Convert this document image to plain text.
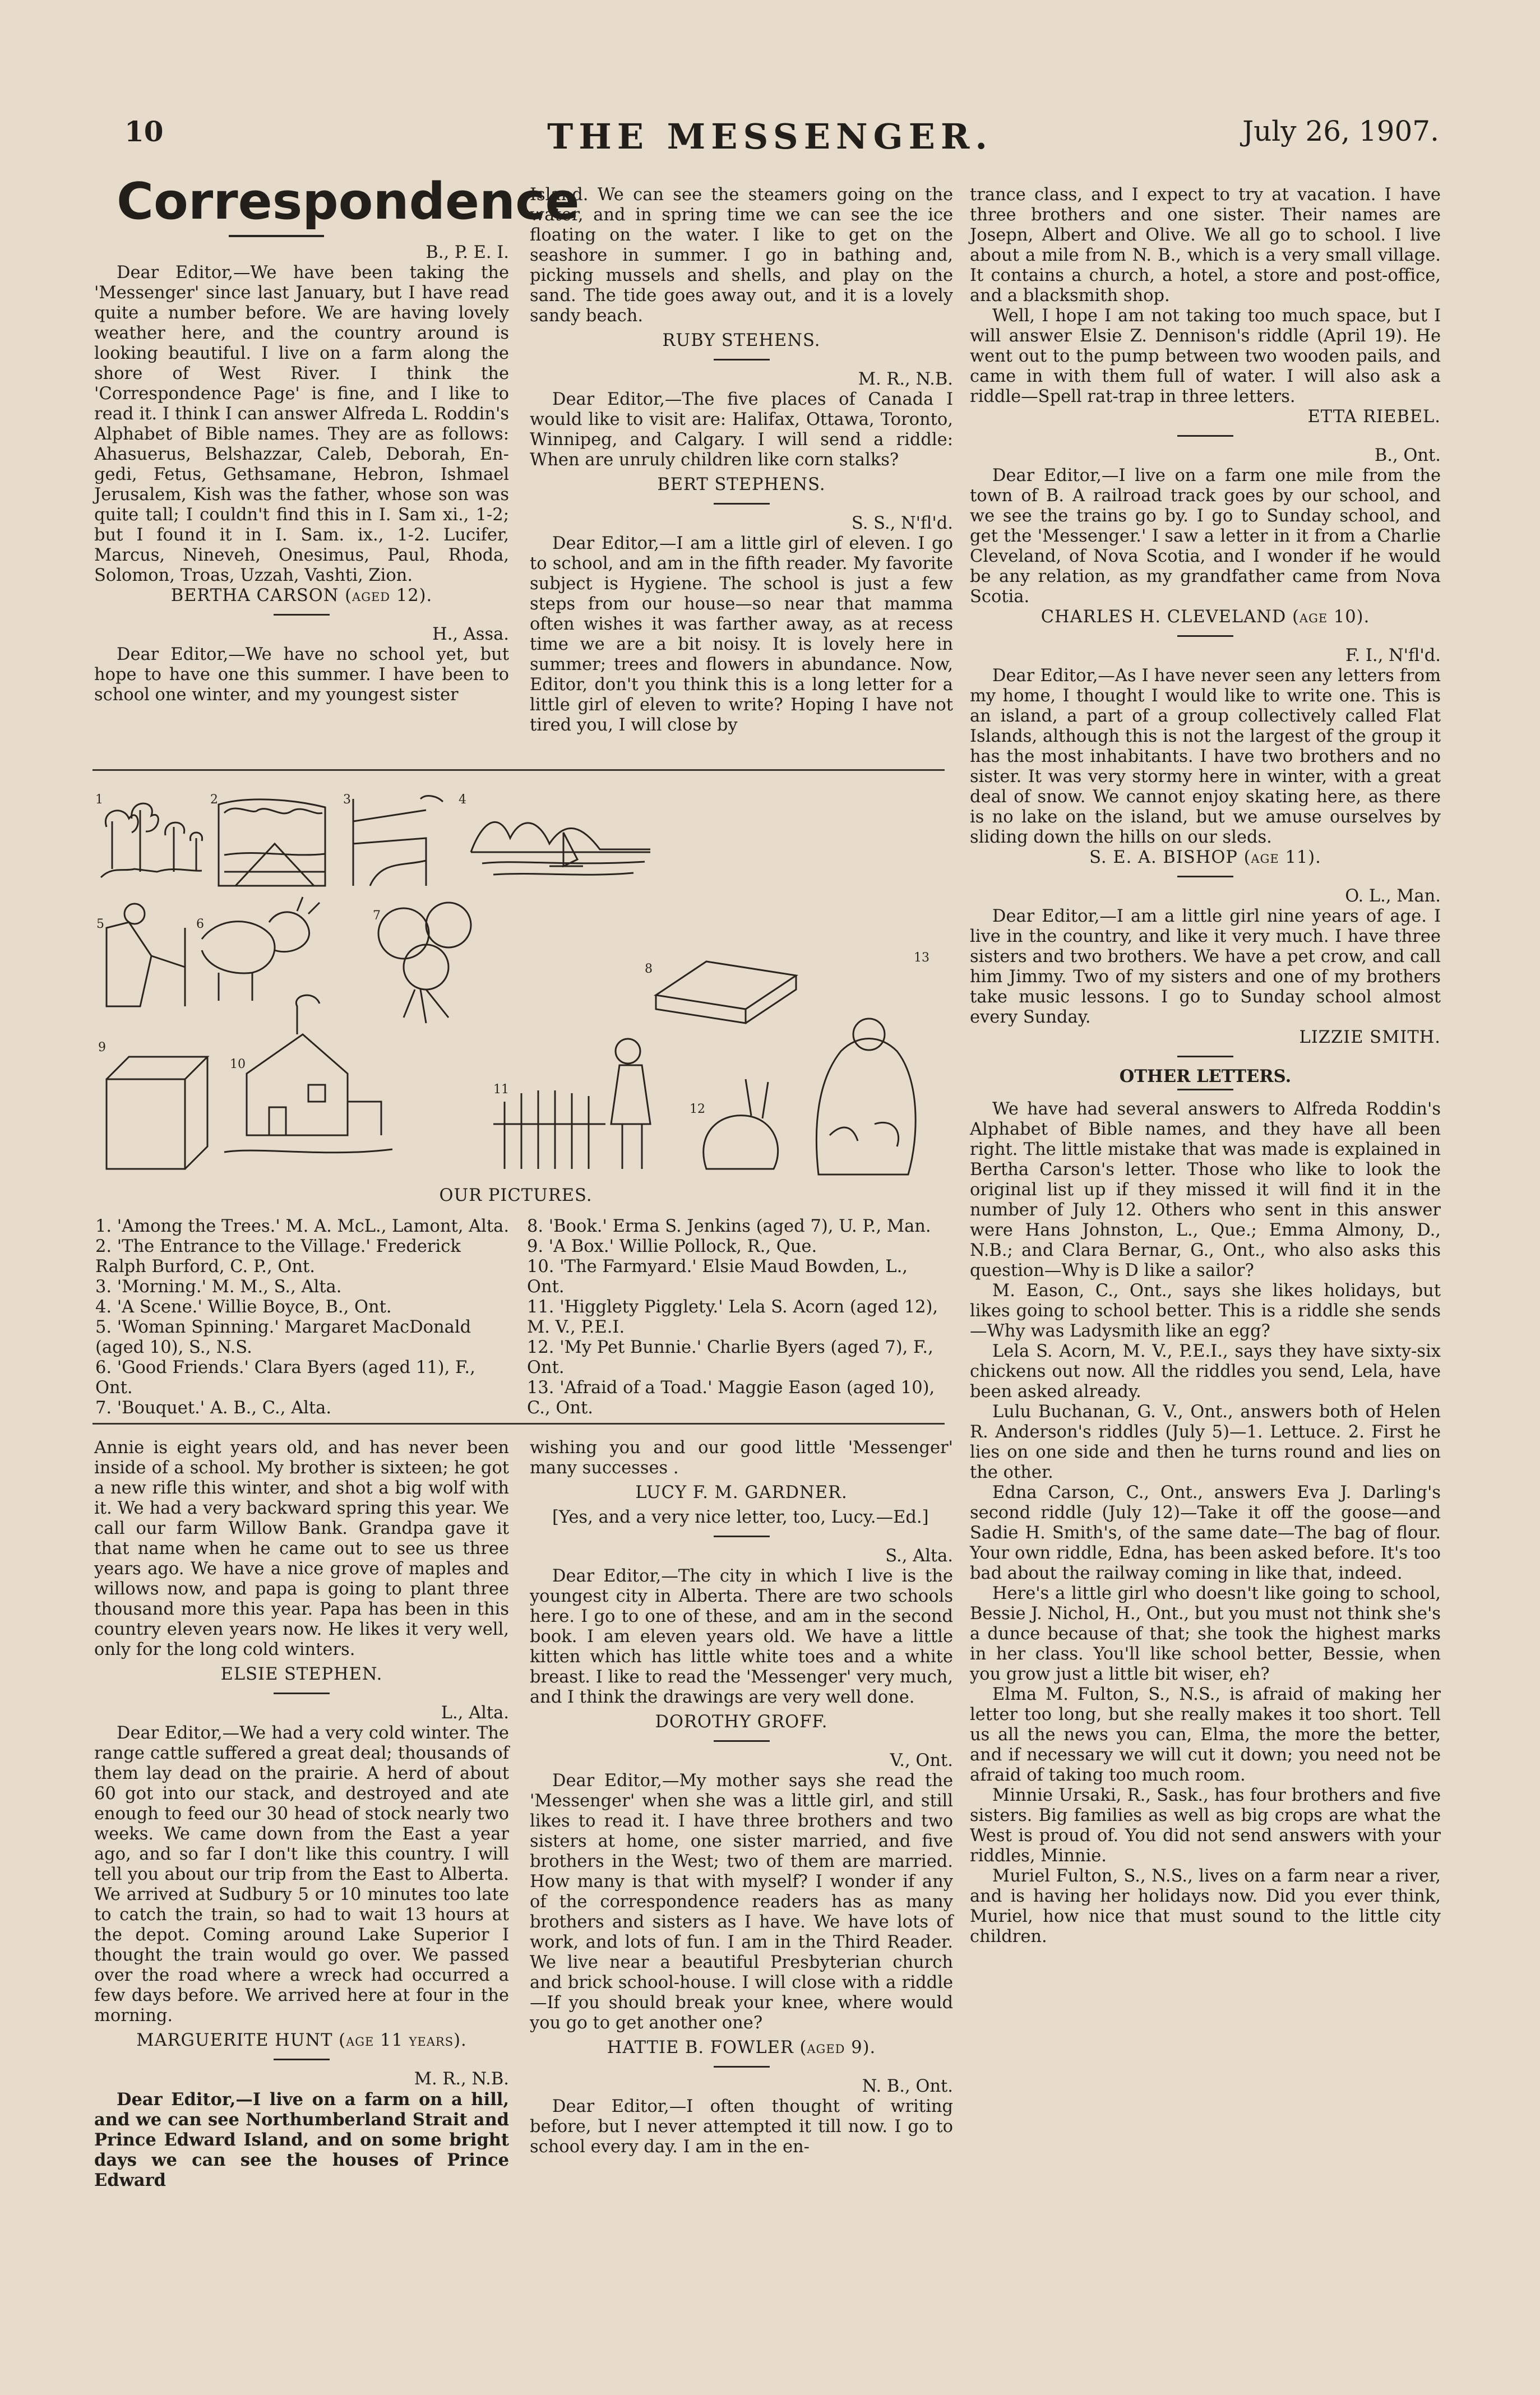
10	THE MESSENGER.	July 26, 1907.

Correspondence

B., P. E. I.

Dear Editor,—We have been taking the 'Messenger' since last January, but I have read quite a number before. We are having lovely weather here, and the country around is looking beautiful. I live on a farm along the shore of West River. I think the 'Correspondence Page' is fine, and I like to read it. I think I can answer Alfreda L. Roddin's Alphabet of Bible names. They are as follows: Ahasuerus, Belshazzar, Caleb, Deborah, En-gedi, Fetus, Gethsamane, Hebron, Ishmael Jerusalem, Kish was the father, whose son was quite tall; I couldn't find this in I. Sam xi., 1-2; but I found it in I. Sam. ix., 1-2. Lucifer, Marcus, Nineveh, Onesimus, Paul, Rhoda, Solomon, Troas, Uzzah, Vashti, Zion.

BERTHA CARSON (aged 12).

H., Assa.

Dear Editor,—We have no school yet, but hope to have one this summer. I have been to school one winter, and my youngest sister

Island. We can see the steamers going on the water, and in spring time we can see the ice floating on the water. I like to get on the seashore in summer. I go in bathing and, picking mussels and shells, and play on the sand. The tide goes away out, and it is a lovely sandy beach.

RUBY STEHENS.

M. R., N.B.

Dear Editor,—The five places of Canada I would like to visit are: Halifax, Ottawa, Toronto, Winnipeg, and Calgary. I will send a riddle: When are unruly children like corn stalks?

BERT STEPHENS.

S. S., N'fl'd.

Dear Editor,—I am a little girl of eleven. I go to school, and am in the fifth reader. My favorite subject is Hygiene. The school is just a few steps from our house—so near that mamma often wishes it was farther away, as at recess time we are a bit noisy. It is lovely here in summer; trees and flowers in abundance. Now, Editor, don't you think this is a long letter for a little girl of eleven to write? Hoping I have not tired you, I will close by

trance class, and I expect to try at vacation. I have three brothers and one sister. Their names are Josepn, Albert and Olive. We all go to school. I live about a mile from N. B., which is a very small village. It contains a church, a hotel, a store and post-office, and a blacksmith shop.

Well, I hope I am not taking too much space, but I will answer Elsie Z. Dennison's riddle (April 19). He went out to the pump between two wooden pails, and came in with them full of water. I will also ask a riddle—Spell rat-trap in three letters.

ETTA RIEBEL.

B., Ont.

Dear Editor,—I live on a farm one mile from the town of B. A railroad track goes by our school, and we see the trains go by. I go to Sunday school, and get the 'Messenger.' I saw a letter in it from a Charlie Cleveland, of Nova Scotia, and I wonder if he would be any relation, as my grandfather came from Nova Scotia.

CHARLES H. CLEVELAND (age 10).

F. I., N'fl'd.

Dear Editor,—As I have never seen any letters from my home, I thought I would like to write one. This is an island, a part of a group collectively called Flat Islands, although this is not the largest of the group it has the most inhabitants. I have two brothers and no sister. It was very stormy here in winter, with a great deal of snow. We cannot enjoy skating here, as there is no lake on the island, but we amuse ourselves by sliding down the hills on our sleds.

S. E. A. BISHOP (age 11).

O. L., Man.

Dear Editor,—I am a little girl nine years of age. I live in the country, and like it very much. I have three sisters and two brothers. We have a pet crow, and call him Jimmy. Two of my sisters and one of my brothers take music lessons. I go to Sunday school almost every Sunday.

LIZZIE SMITH.

OTHER LETTERS.

We have had several answers to Alfreda Roddin's Alphabet of Bible names, and they have all been right. The little mistake that was made is explained in Bertha Carson's letter. Those who like to look the original list up if they missed it will find it in the number of July 12. Others who sent in this answer were Hans Johnston, L., Que.; Emma Almony, D., N.B.; and Clara Bernar, G., Ont., who also asks this question—Why is D like a sailor?

M. Eason, C., Ont., says she likes holidays, but likes going to school better. This is a riddle she sends—Why was Ladysmith like an egg?

Lela S. Acorn, M. V., P.E.I., says they have sixty-six chickens out now. All the riddles you send, Lela, have been asked already.

Lulu Buchanan, G. V., Ont., answers both of Helen R. Anderson's riddles (July 5)—1. Lettuce. 2. First he lies on one side and then he turns round and lies on the other.

Edna Carson, C., Ont., answers Eva J. Darling's second riddle (July 12)—Take it off the goose—and Sadie H. Smith's, of the same date—The bag of flour. Your own riddle, Edna, has been asked before. It's too bad about the railway coming in like that, indeed.

Here's a little girl who doesn't like going to school, Bessie J. Nichol, H., Ont., but you must not think she's a dunce because of that; she took the highest marks in her class. You'll like school better, Bessie, when you grow just a little bit wiser, eh?

Elma M. Fulton, S., N.S., is afraid of making her letter too long, but she really makes it too short. Tell us all the news you can, Elma, the more the better, and if necessary we will cut it down; you need not be afraid of taking too much room.

Minnie Ursaki, R., Sask., has four brothers and five sisters. Big families as well as big crops are what the West is proud of. You did not send answers with your riddles, Minnie.

Muriel Fulton, S., N.S., lives on a farm near a river, and is having her holidays now. Did you ever think, Muriel, how nice that must sound to the little city children.

1	2	3	4
5	6
7
8
9
10
11
12
13
OUR PICTURES.

1. 'Among the Trees.' M. A. McL., Lamont, Alta.

2. 'The Entrance to the Village.' Frederick Ralph Burford, C. P., Ont.

3. 'Morning.' M. M., S., Alta.

4. 'A Scene.' Willie Boyce, B., Ont.

5. 'Woman Spinning.' Margaret MacDonald (aged 10), S., N.S.

6. 'Good Friends.' Clara Byers (aged 11), F., Ont.

7. 'Bouquet.' A. B., C., Alta.

8. 'Book.' Erma S. Jenkins (aged 7), U. P., Man.

9. 'A Box.' Willie Pollock, R., Que.

10. 'The Farmyard.' Elsie Maud Bowden, L., Ont.

11. 'Higglety Pigglety.' Lela S. Acorn (aged 12), M. V., P.E.I.

12. 'My Pet Bunnie.' Charlie Byers (aged 7), F., Ont.

13. 'Afraid of a Toad.' Maggie Eason (aged 10), C., Ont.

Annie is eight years old, and has never been inside of a school. My brother is sixteen; he got a new rifle this winter, and shot a big wolf with it. We had a very backward spring this year. We call our farm Willow Bank. Grandpa gave it that name when he came out to see us three years ago. We have a nice grove of maples and willows now, and papa is going to plant three thousand more this year. Papa has been in this country eleven years now. He likes it very well, only for the long cold winters.

ELSIE STEPHEN.

L., Alta.

Dear Editor,—We had a very cold winter. The range cattle suffered a great deal; thousands of them lay dead on the prairie. A herd of about 60 got into our stack, and destroyed and ate enough to feed our 30 head of stock nearly two weeks. We came down from the East a year ago, and so far I don't like this country. I will tell you about our trip from the East to Alberta. We arrived at Sudbury 5 or 10 minutes too late to catch the train, so had to wait 13 hours at the depot. Coming around Lake Superior I thought the train would go over. We passed over the road where a wreck had occurred a few days before. We arrived here at four in the morning.

MARGUERITE HUNT (age 11 years).

M. R., N.B.

Dear Editor,—I live on a farm on a hill, and we can see Northumberland Strait and Prince Edward Island, and on some bright days we can see the houses of Prince Edward

wishing you and our good little 'Messenger' many successes .

LUCY F. M. GARDNER.

[Yes, and a very nice letter, too, Lucy.—Ed.]

S., Alta.

Dear Editor,—The city in which I live is the youngest city in Alberta. There are two schools here. I go to one of these, and am in the second book. I am eleven years old. We have a little kitten which has little white toes and a white breast. I like to read the 'Messenger' very much, and I think the drawings are very well done.

DOROTHY GROFF.

V., Ont.

Dear Editor,—My mother says she read the 'Messenger' when she was a little girl, and still likes to read it. I have three brothers and two sisters at home, one sister married, and five brothers in the West; two of them are married. How many is that with myself? I wonder if any of the correspondence readers has as many brothers and sisters as I have. We have lots of work, and lots of fun. I am in the Third Reader. We live near a beautiful Presbyterian church and brick school-house. I will close with a riddle—If you should break your knee, where would you go to get another one?

HATTIE B. FOWLER (aged 9).

N. B., Ont.

Dear Editor,—I often thought of writing before, but I never attempted it till now. I go to school every day. I am in the en-
